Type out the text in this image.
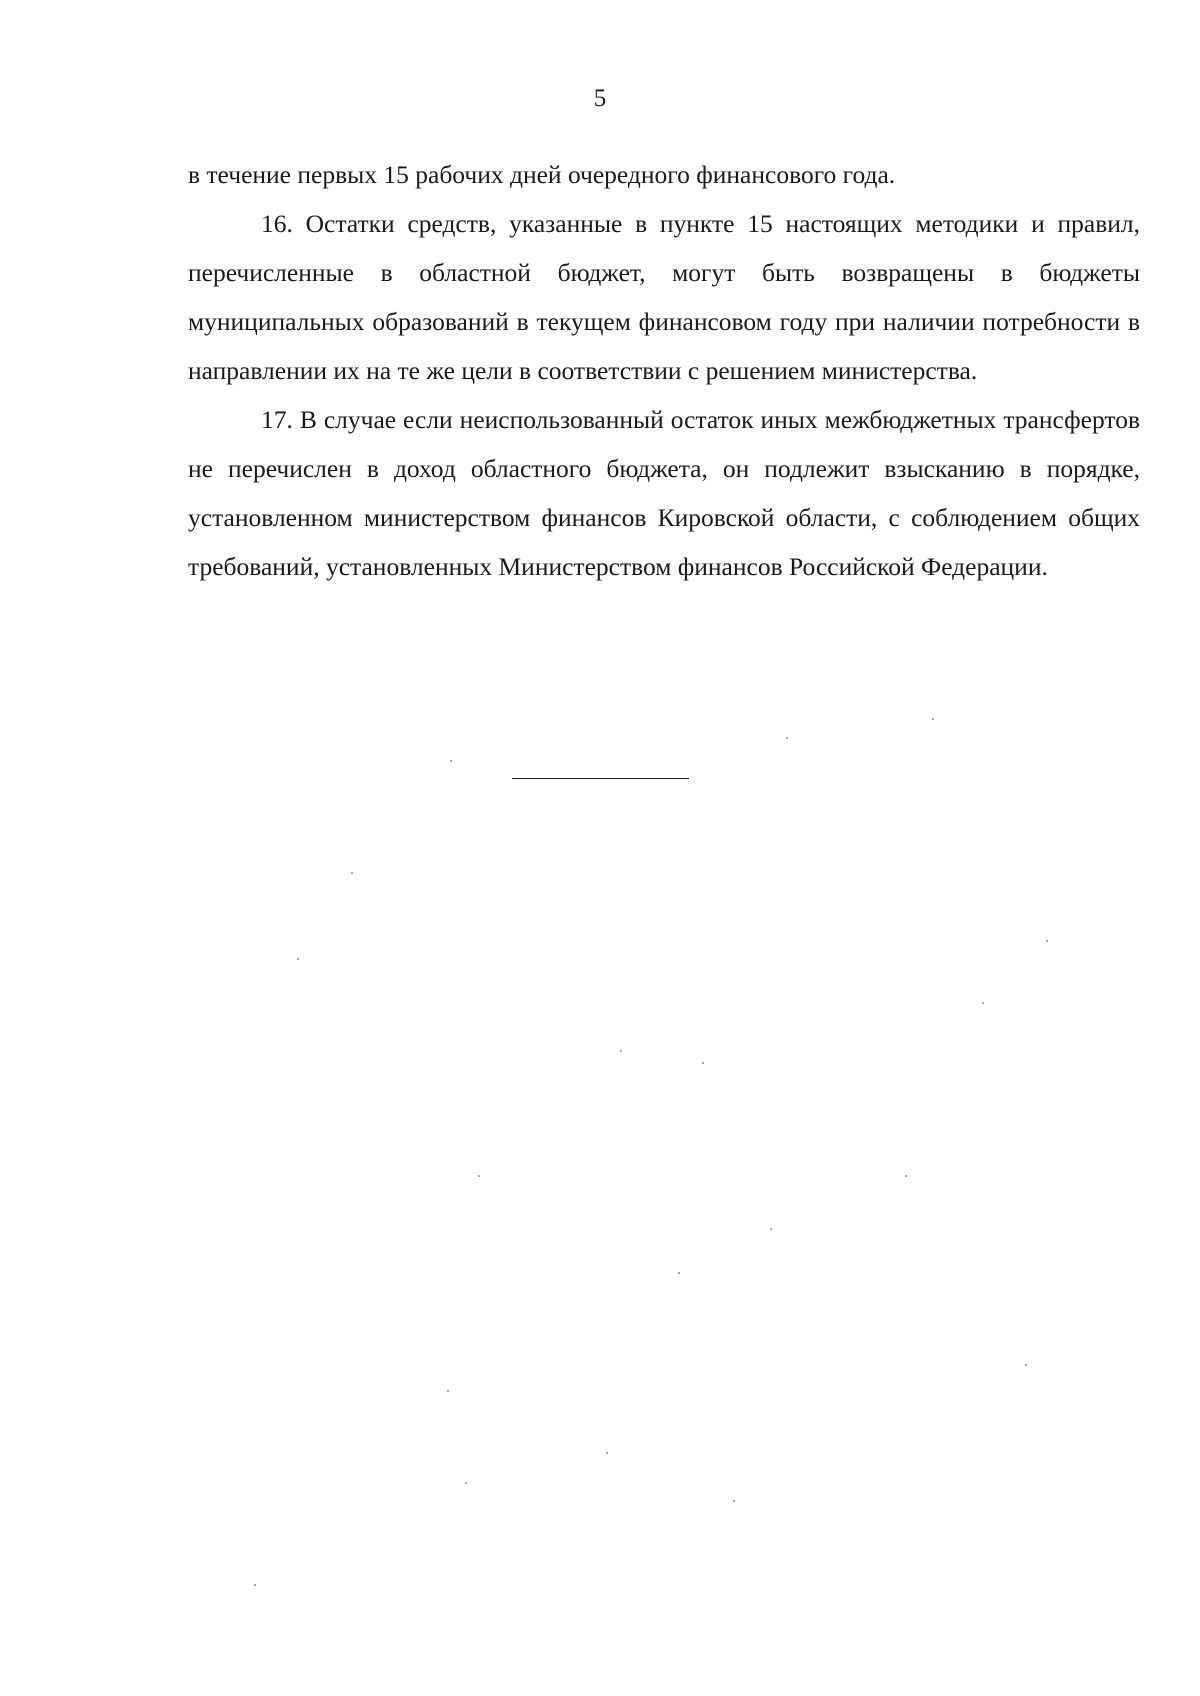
5

в течение первых 15 рабочих дней очередного финансового года.

16. Остатки средств, указанные в пункте 15 настоящих методики и правил, перечисленные в областной бюджет, могут быть возвращены в бюджеты муниципальных образований в текущем финансовом году при наличии потребности в направлении их на те же цели в соответствии с решением министерства.

17. В случае если неиспользованный остаток иных межбюджетных трансфертов не перечислен в доход областного бюджета, он подлежит взысканию в порядке, установленном министерством финансов Кировской области, с соблюдением общих требований, установленных Министерством финансов Российской Федерации.
